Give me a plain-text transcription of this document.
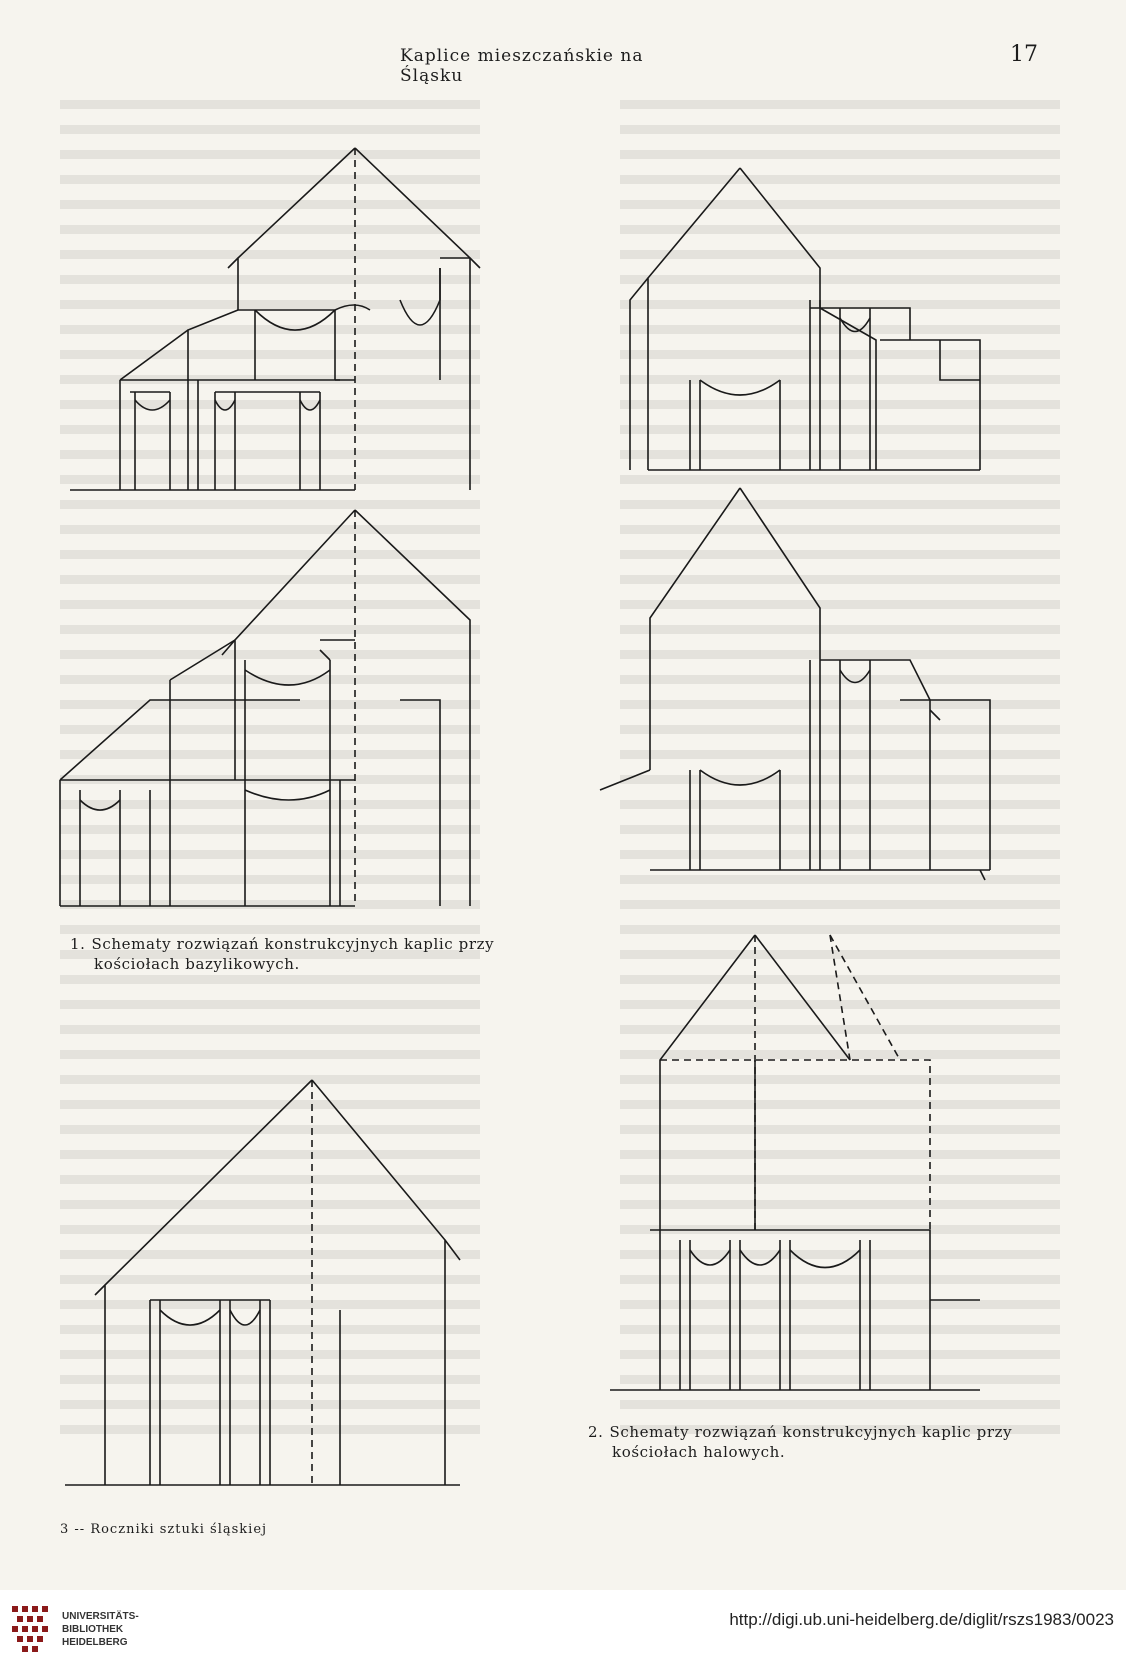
Kaplice mieszczańskie na Śląsku
17
1. Schematy rozwiązań konstrukcyjnych kaplic przy
kościołach bazylikowych.
2. Schematy rozwiązań konstrukcyjnych kaplic przy
kościołach halowych.
3 -- Roczniki sztuki śląskiej
UNIVERSITÄTS-
BIBLIOTHEK
HEIDELBERG
http://digi.ub.uni-heidelberg.de/diglit/rszs1983/0023
